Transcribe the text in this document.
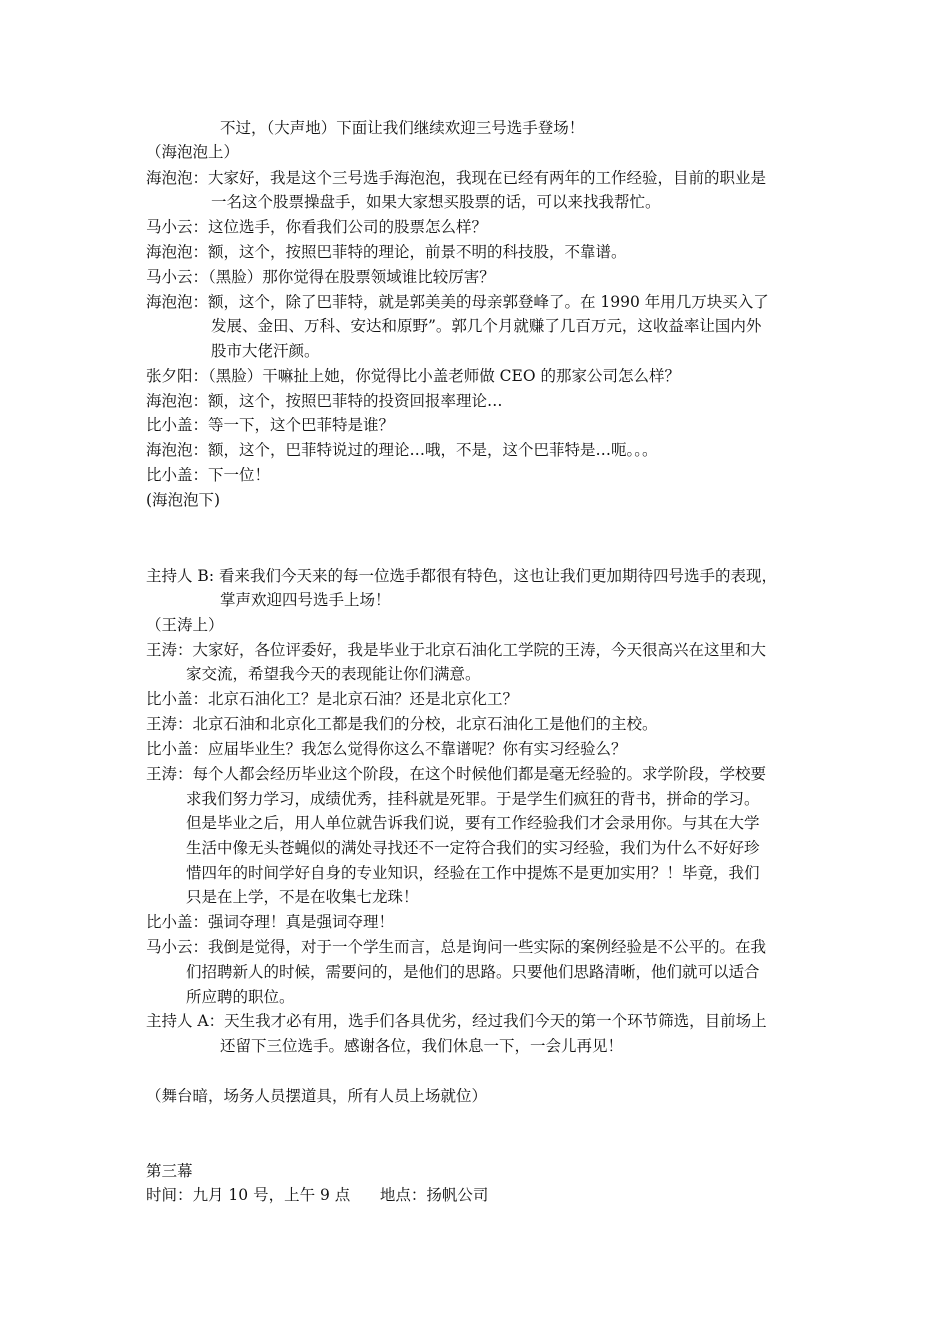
不过，（大声地）下面让我们继续欢迎三号选手登场！
（海泡泡上）
海泡泡：大家好，我是这个三号选手海泡泡，我现在已经有两年的工作经验，目前的职业是
一名这个股票操盘手，如果大家想买股票的话，可以来找我帮忙。
马小云：这位选手，你看我们公司的股票怎么样？
海泡泡：额，这个，按照巴菲特的理论，前景不明的科技股，不靠谱。
马小云：（黑脸）那你觉得在股票领域谁比较厉害？
海泡泡：额，这个，除了巴菲特，就是郭美美的母亲郭登峰了。在 1990 年用几万块买入了
发展、金田、万科、安达和原野”。郭几个月就赚了几百万元，这收益率让国内外
股市大佬汗颜。
张夕阳：（黑脸）干嘛扯上她，你觉得比小盖老师做 CEO 的那家公司怎么样？
海泡泡：额，这个，按照巴菲特的投资回报率理论…
比小盖：等一下，这个巴菲特是谁？
海泡泡：额，这个，巴菲特说过的理论…哦，不是，这个巴菲特是…呃。。。
比小盖：下一位！
(海泡泡下)
主持人 B: 看来我们今天来的每一位选手都很有特色，这也让我们更加期待四号选手的表现，
掌声欢迎四号选手上场！
（王涛上）
王涛：大家好，各位评委好，我是毕业于北京石油化工学院的王涛，今天很高兴在这里和大
家交流，希望我今天的表现能让你们满意。
比小盖：北京石油化工？是北京石油？还是北京化工？
王涛：北京石油和北京化工都是我们的分校，北京石油化工是他们的主校。
比小盖：应届毕业生？我怎么觉得你这么不靠谱呢？你有实习经验么？
王涛：每个人都会经历毕业这个阶段，在这个时候他们都是毫无经验的。求学阶段，学校要
求我们努力学习，成绩优秀，挂科就是死罪。于是学生们疯狂的背书，拼命的学习。
但是毕业之后，用人单位就告诉我们说，要有工作经验我们才会录用你。与其在大学
生活中像无头苍蝇似的满处寻找还不一定符合我们的实习经验，我们为什么不好好珍
惜四年的时间学好自身的专业知识，经验在工作中提炼不是更加实用？！毕竟，我们
只是在上学，不是在收集七龙珠！
比小盖：强词夺理！真是强词夺理！
马小云：我倒是觉得，对于一个学生而言，总是询问一些实际的案例经验是不公平的。在我
们招聘新人的时候，需要问的，是他们的思路。只要他们思路清晰，他们就可以适合
所应聘的职位。
主持人 A：天生我才必有用，选手们各具优劣，经过我们今天的第一个环节筛选，目前场上
还留下三位选手。感谢各位，我们休息一下，一会儿再见！
（舞台暗，场务人员摆道具，所有人员上场就位）
第三幕
时间：九月 10 号，上午 9 点      地点：扬帆公司
